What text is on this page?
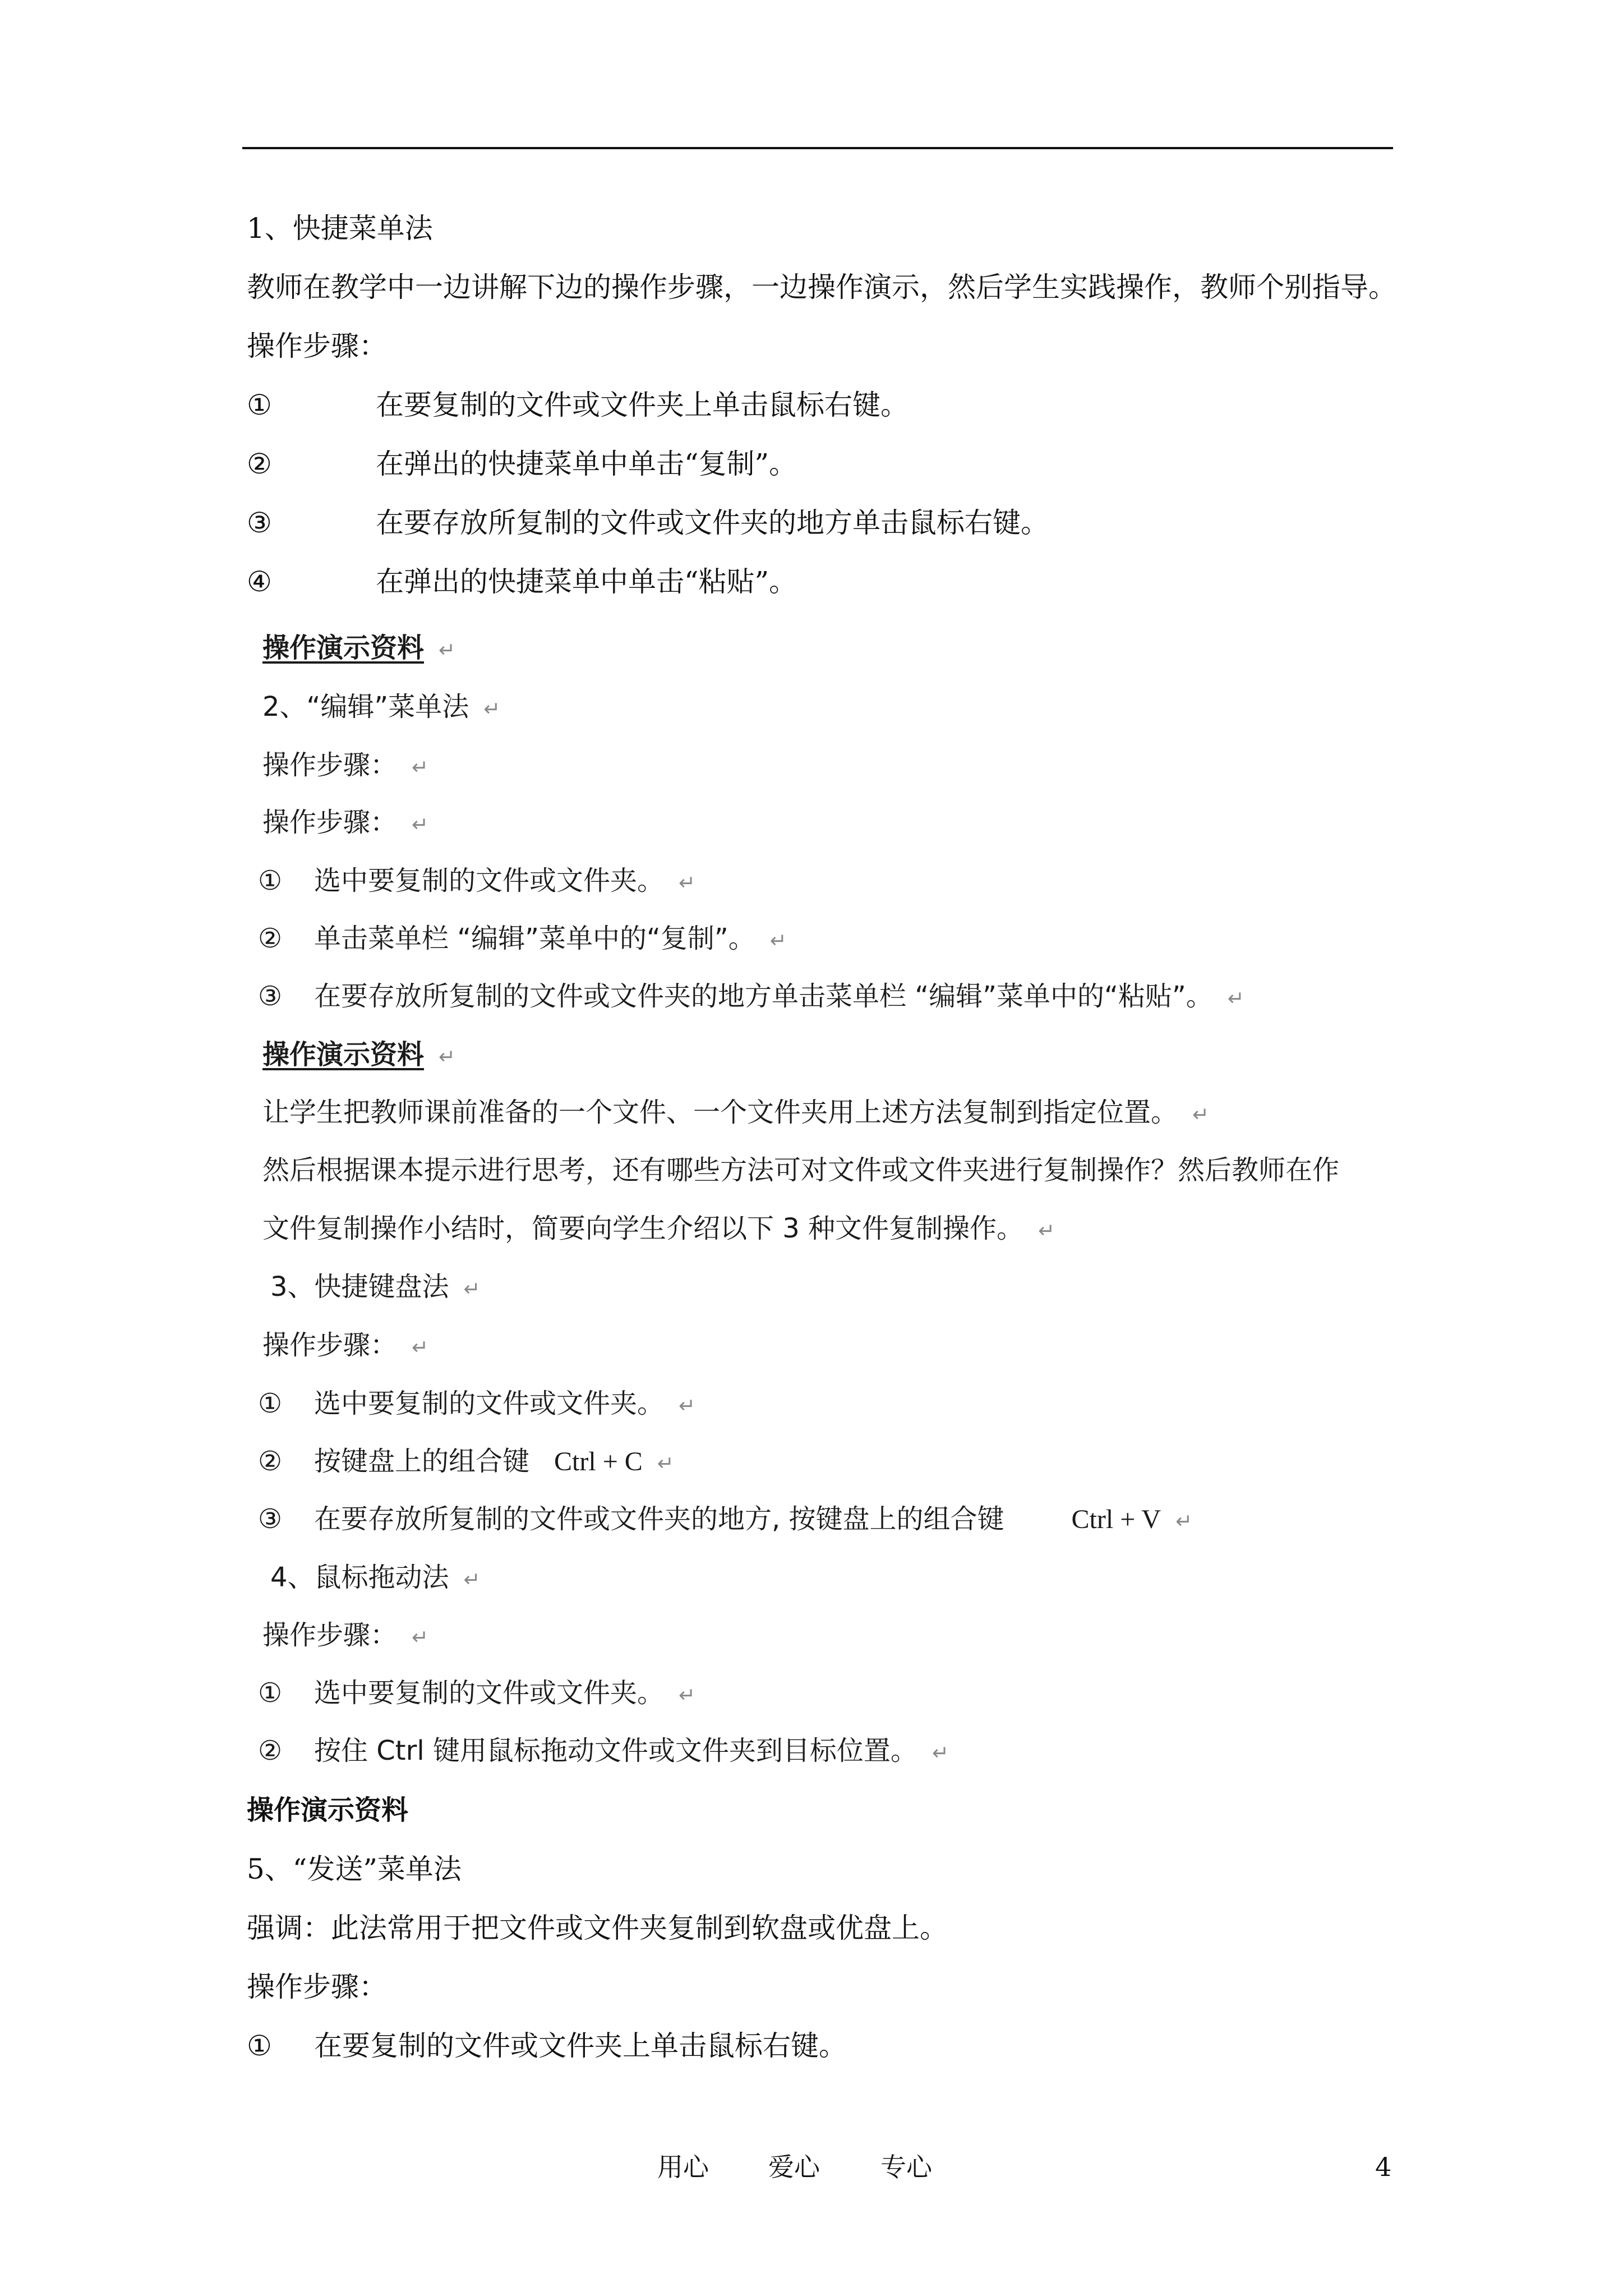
1、快捷菜单法
教师在教学中一边讲解下边的操作步骤，一边操作演示，然后学生实践操作，教师个别指导。
操作步骤：
①	在要复制的文件或文件夹上单击鼠标右键。
②	在弹出的快捷菜单中单击“复制”。
③	在要存放所复制的文件或文件夹的地方单击鼠标右键。
④	在弹出的快捷菜单中单击“粘贴”。
操作演示资料 ↵
2、“编辑”菜单法 ↵
操作步骤： ↵
操作步骤： ↵
① 选中要复制的文件或文件夹。 ↵
② 单击菜单栏 “编辑”菜单中的“复制”。 ↵
③ 在要存放所复制的文件或文件夹的地方单击菜单栏 “编辑”菜单中的“粘贴”。 ↵
操作演示资料 ↵
让学生把教师课前准备的一个文件、一个文件夹用上述方法复制到指定位置。 ↵
然后根据课本提示进行思考，还有哪些方法可对文件或文件夹进行复制操作？然后教师在作
文件复制操作小结时，简要向学生介绍以下 3 种文件复制操作。 ↵
3、快捷键盘法 ↵
操作步骤： ↵
① 选中要复制的文件或文件夹。 ↵
② 按键盘上的组合键 Ctrl + C ↵
③ 在要存放所复制的文件或文件夹的地方, 按键盘上的组合键	Ctrl + V ↵
4、鼠标拖动法 ↵
操作步骤： ↵
① 选中要复制的文件或文件夹。 ↵
② 按住 Ctrl 键用鼠标拖动文件或文件夹到目标位置。 ↵
操作演示资料
5、“发送”菜单法
强调：此法常用于把文件或文件夹复制到软盘或优盘上。
操作步骤：
① 在要复制的文件或文件夹上单击鼠标右键。
用心 爱心 专心	4
